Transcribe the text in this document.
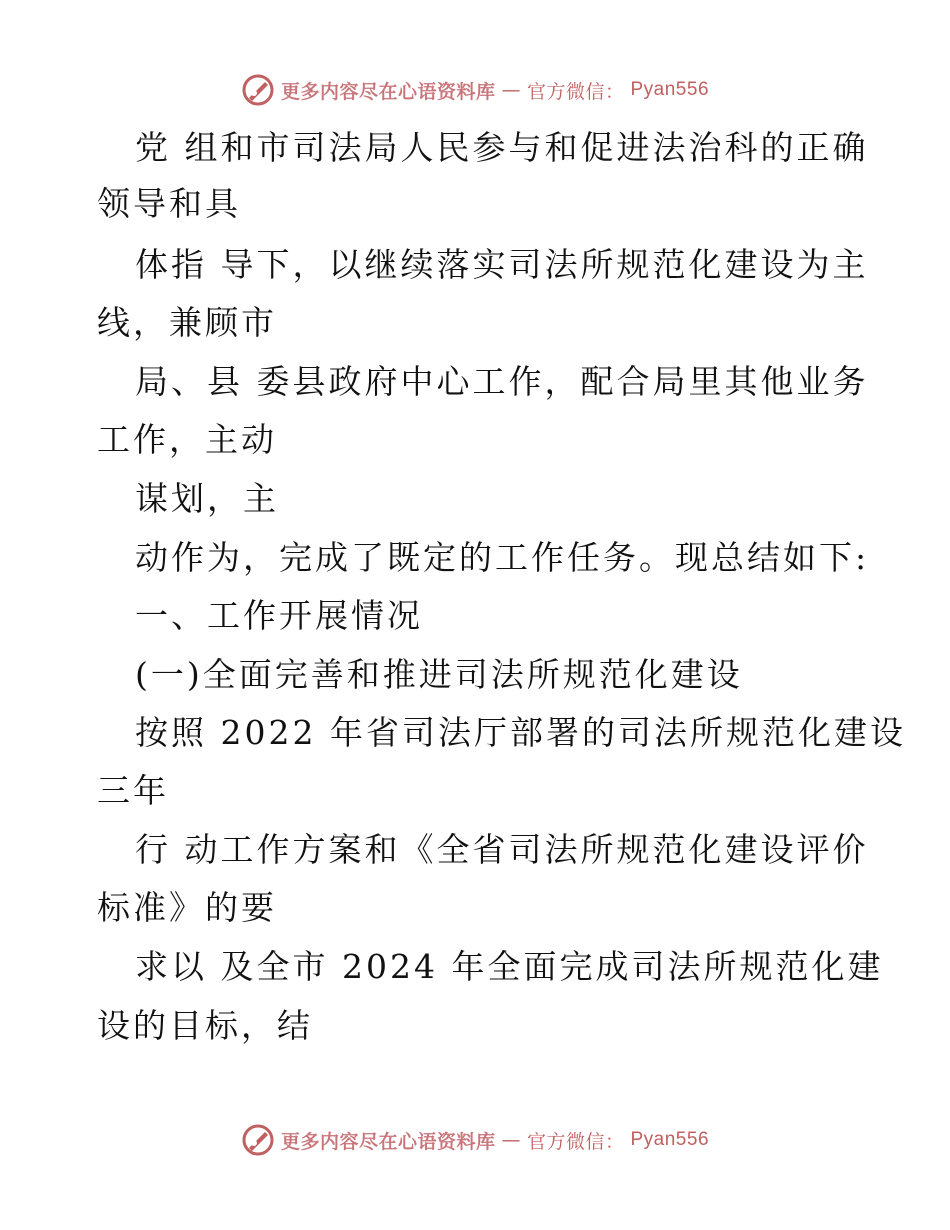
更多内容尽在心语资料库 — 官方微信： Pyan556
党 组和市司法局人民参与和促进法治科的正确
领导和具
体指 导下，以继续落实司法所规范化建设为主
线，兼顾市
局、县 委县政府中心工作，配合局里其他业务
工作，主动
谋划，主
动作为，完成了既定的工作任务。现总结如下:
一、工作开展情况
(一)全面完善和推进司法所规范化建设
按照 2022 年省司法厅部署的司法所规范化建设
三年
行 动工作方案和《全省司法所规范化建设评价
标准》的要
求以 及全市 2024 年全面完成司法所规范化建
设的目标，结
更多内容尽在心语资料库 — 官方微信： Pyan556
